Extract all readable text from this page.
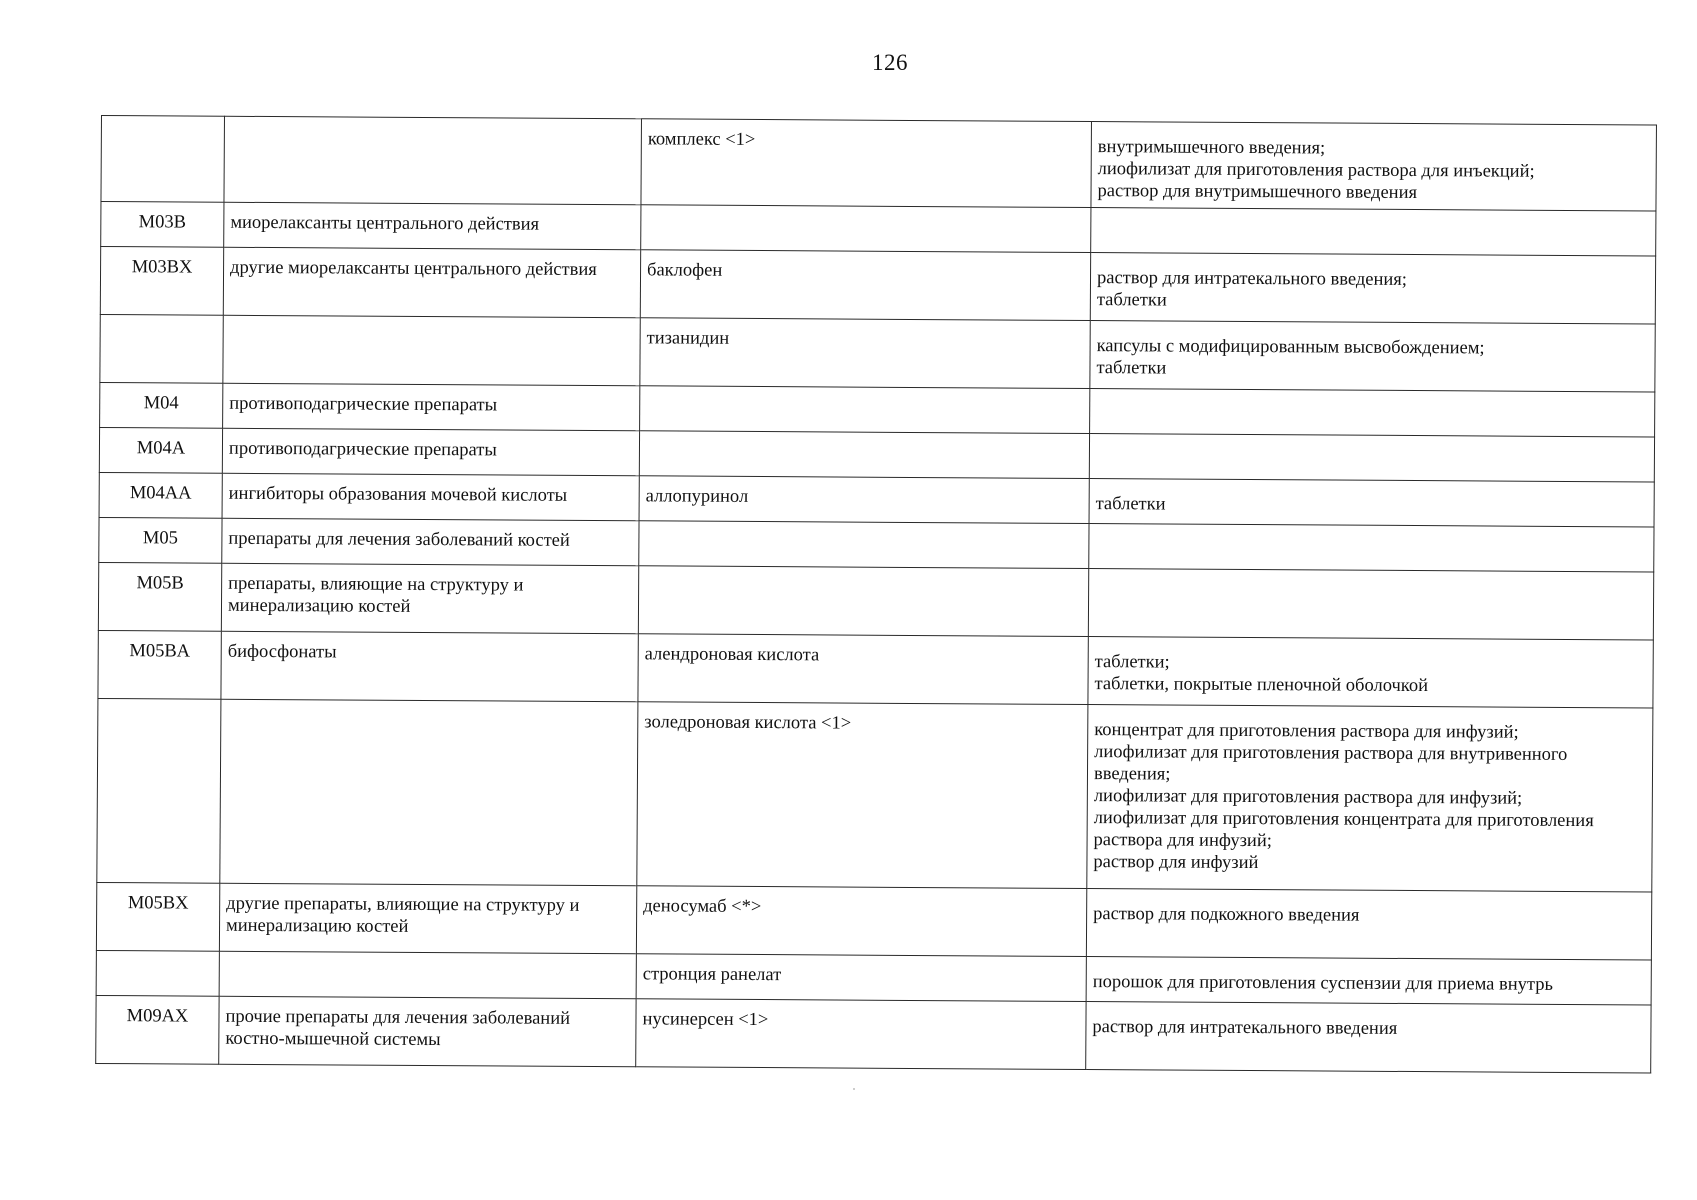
126

		комплекс <1>	внутримышечного введения;
лиофилизат для приготовления раствора для инъекций;
раствор для внутримышечного введения

M03B	миорелаксанты центрального действия		

M03BX	другие миорелаксанты центрального действия	баклофен	раствор для интратекального введения;
таблетки

		тизанидин	капсулы с модифицированным высвобождением;
таблетки

M04	противоподагрические препараты		

M04A	противоподагрические препараты		

M04AA	ингибиторы образования мочевой кислоты	аллопуринол	таблетки

M05	препараты для лечения заболеваний костей		

M05B	препараты, влияющие на структуру и минерализацию костей		

M05BA	бифосфонаты	алендроновая кислота	таблетки;
таблетки, покрытые пленочной оболочкой

		золедроновая кислота <1>	концентрат для приготовления раствора для инфузий;
лиофилизат для приготовления раствора для внутривенного введения;
лиофилизат для приготовления раствора для инфузий;
лиофилизат для приготовления концентрата для приготовления раствора для инфузий;
раствор для инфузий

M05BX	другие препараты, влияющие на структуру и минерализацию костей	деносумаб <*>	раствор для подкожного введения

		стронция ранелат	порошок для приготовления суспензии для приема внутрь

M09AX	прочие препараты для лечения заболеваний костно-мышечной системы	нусинерсен <1>	раствор для интратекального введения
